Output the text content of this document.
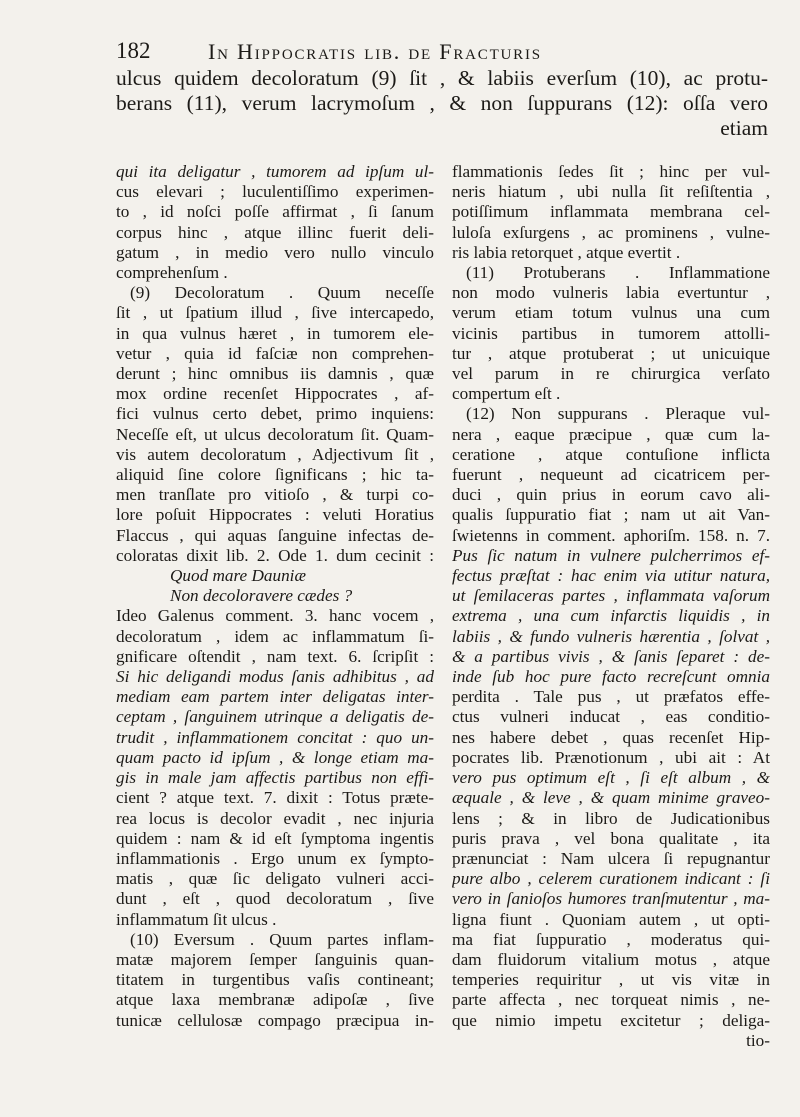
182	In Hippocratis lib. de Fracturis
ulcus quidem decoloratum (9) ſit , & labiis everſum (10), ac protu-
berans (11), verum lacrymoſum , & non ſuppurans (12): oſſa vero
etiam
qui ita deligatur , tumorem ad ipſum ul-
cus elevari ; luculentiſſimo experimen-
to , id noſci poſſe affirmat , ſi ſanum
corpus hinc , atque illinc fuerit deli-
gatum , in medio vero nullo vinculo
comprehenſum .
(9) Decoloratum . Quum neceſſe
ſit , ut ſpatium illud , ſive intercapedo,
in qua vulnus hæret , in tumorem ele-
vetur , quia id faſciæ non comprehen-
derunt ; hinc omnibus iis damnis , quæ
mox ordine recenſet Hippocrates , af-
fici vulnus certo debet, primo inquiens:
Neceſſe eſt, ut ulcus decoloratum ſit. Quam-
vis autem decoloratum , Adjectivum ſit ,
aliquid ſine colore ſignificans ; hic ta-
men tranſlate pro vitioſo , & turpi co-
lore poſuit Hippocrates : veluti Horatius
Flaccus , qui aquas ſanguine infectas de-
coloratas dixit lib. 2. Ode 1. dum cecinit :
Quod mare Dauniæ
Non decoloravere cædes ?
Ideo Galenus comment. 3. hanc vocem ,
decoloratum , idem ac inflammatum ſi-
gnificare oſtendit , nam text. 6. ſcripſit :
Si hic deligandi modus ſanis adhibitus , ad
mediam eam partem inter deligatas inter-
ceptam , ſanguinem utrinque a deligatis de-
trudit , inflammationem concitat : quo un-
quam pacto id ipſum , & longe etiam ma-
gis in male jam affectis partibus non effi-
cient ? atque text. 7. dixit : Totus præte-
rea locus is decolor evadit , nec injuria
quidem : nam & id eſt ſymptoma ingentis
inflammationis . Ergo unum ex ſympto-
matis , quæ ſic deligato vulneri acci-
dunt , eſt , quod decoloratum , ſive
inflammatum ſit ulcus .
(10) Eversum . Quum partes inflam-
matæ majorem ſemper ſanguinis quan-
titatem in turgentibus vaſis contineant;
atque laxa membranæ adipoſæ , ſive
tunicæ cellulosæ compago præcipua in-
flammationis ſedes ſit ; hinc per vul-
neris hiatum , ubi nulla ſit reſiſtentia ,
potiſſimum inflammata membrana cel-
luloſa exſurgens , ac prominens , vulne-
ris labia retorquet , atque evertit .
(11) Protuberans . Inflammatione
non modo vulneris labia evertuntur ,
verum etiam totum vulnus una cum
vicinis partibus in tumorem attolli-
tur , atque protuberat ; ut unicuique
vel parum in re chirurgica verſato
compertum eſt .
(12) Non suppurans . Pleraque vul-
nera , eaque præcipue , quæ cum la-
ceratione , atque contuſione inflicta
fuerunt , nequeunt ad cicatricem per-
duci , quin prius in eorum cavo ali-
qualis ſuppuratio fiat ; nam ut ait Van-
ſwietenns in comment. aphoriſm. 158. n. 7.
Pus ſic natum in vulnere pulcherrimos ef-
fectus præſtat : hac enim via utitur natura,
ut ſemilaceras partes , inflammata vaſorum
extrema , una cum infarctis liquidis , in
labiis , & fundo vulneris hærentia , ſolvat ,
& a partibus vivis , & ſanis ſeparet : de-
inde ſub hoc pure facto recreſcunt omnia
perdita . Tale pus , ut præfatos effe-
ctus vulneri inducat , eas conditio-
nes habere debet , quas recenſet Hip-
pocrates lib. Prænotionum , ubi ait : At
vero pus optimum eſt , ſi eſt album , &
æquale , & leve , & quam minime graveo-
lens ; & in libro de Judicationibus
puris prava , vel bona qualitate , ita
prænunciat : Nam ulcera ſi repugnantur
pure albo , celerem curationem indicant : ſi
vero in ſanioſos humores tranſmutentur , ma-
ligna fiunt . Quoniam autem , ut opti-
ma fiat ſuppuratio , moderatus qui-
dam fluidorum vitalium motus , atque
temperies requiritur , ut vis vitæ in
parte affecta , nec torqueat nimis , ne-
que nimio impetu excitetur ; deliga-
tio-
